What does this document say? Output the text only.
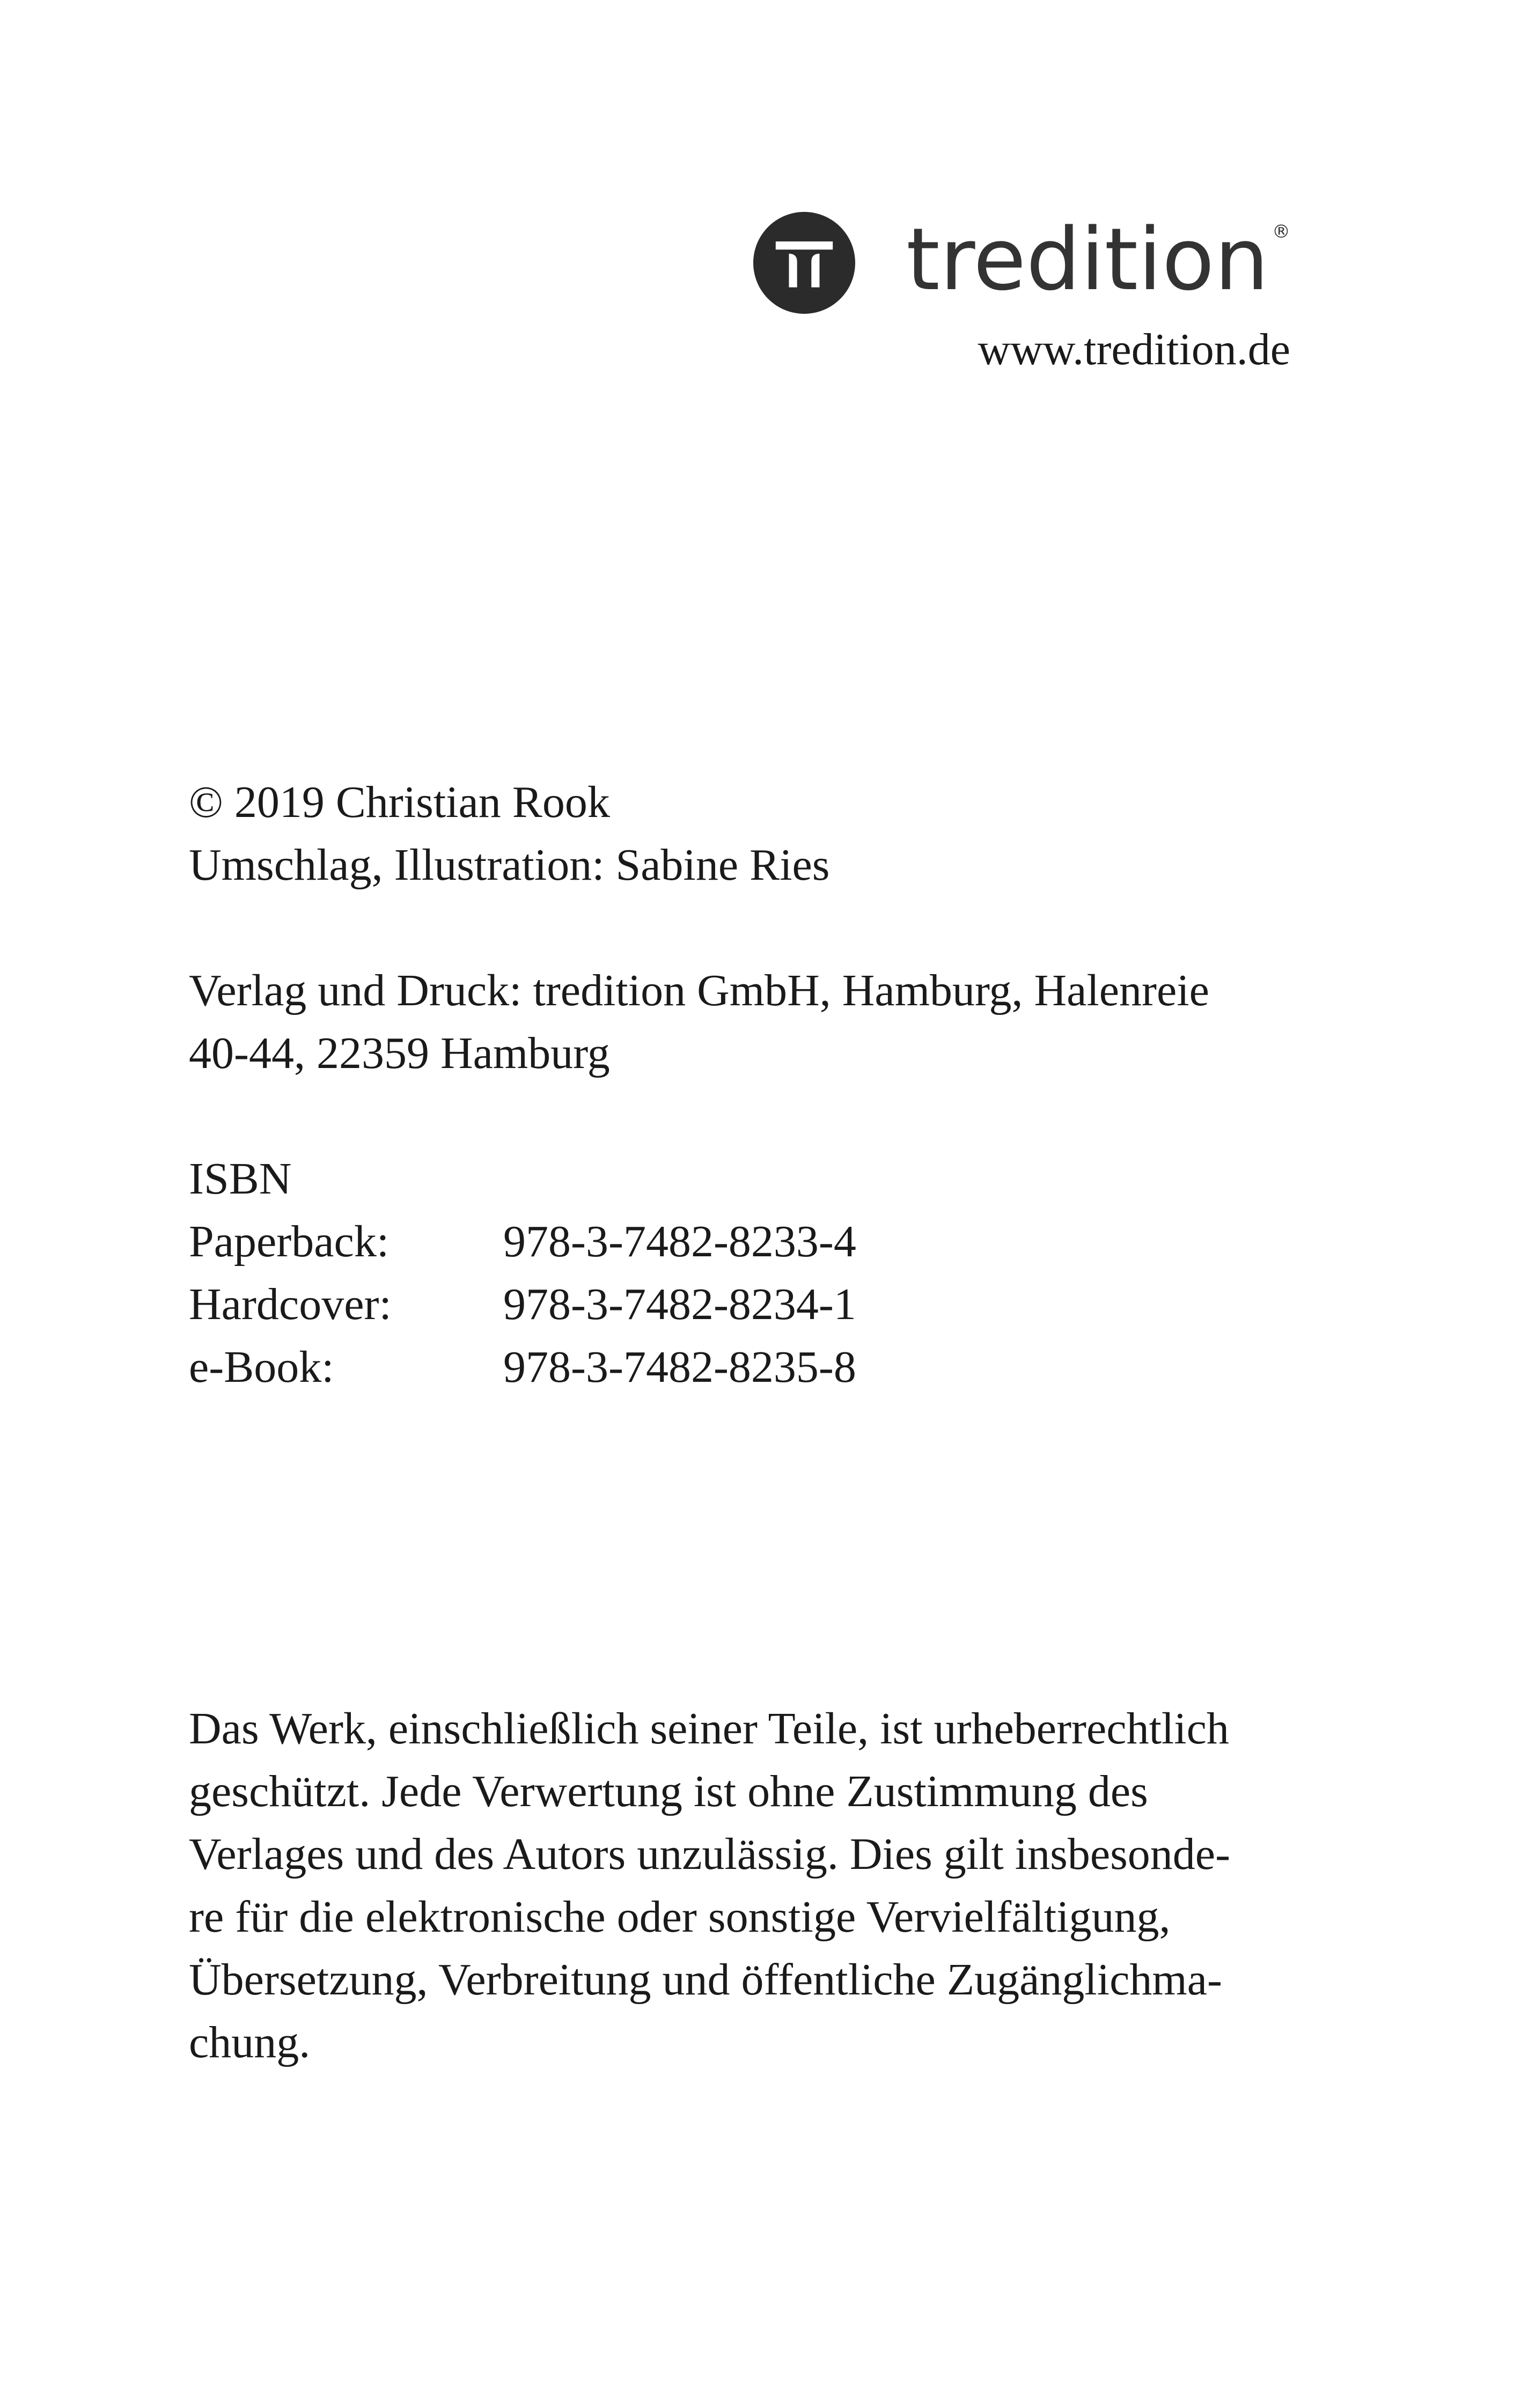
tredition ®
www.tredition.de
© 2019 Christian Rook
Umschlag, Illustration: Sabine Ries
Verlag und Druck: tredition GmbH, Hamburg, Halenreie
40-44, 22359 Hamburg
ISBN
Paperback:	978-3-7482-8233-4
Hardcover:	978-3-7482-8234-1
e-Book:	978-3-7482-8235-8
Das Werk, einschließlich seiner Teile, ist urheberrechtlich
geschützt. Jede Verwertung ist ohne Zustimmung des
Verlages und des Autors unzulässig. Dies gilt insbesonde-
re für die elektronische oder sonstige Vervielfältigung,
Übersetzung, Verbreitung und öffentliche Zugänglichma-
chung.
